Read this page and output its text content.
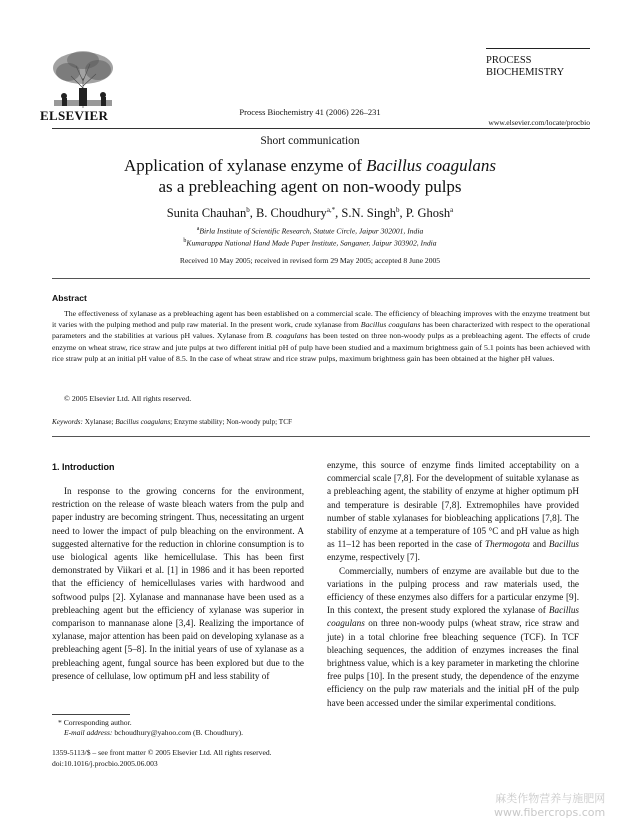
ELSEVIER	Process Biochemistry 41 (2006) 226–231
PROCESS
BIOCHEMISTRY
www.elsevier.com/locate/procbio
Short communication
Application of xylanase enzyme of Bacillus coagulans
as a prebleaching agent on non-woody pulps
Sunita Chauhan$^b$, B. Choudhury$^{a,*}$, S.N. Singh$^b$, P. Ghosh$^a$
$^a$Birla Institute of Scientific Research, Statute Circle, Jaipur 302001, India
$^b$Kumarappa National Hand Made Paper Institute, Sanganer, Jaipur 303902, India
Received 10 May 2005; received in revised form 29 May 2005; accepted 8 June 2005
Abstract
The effectiveness of xylanase as a prebleaching agent has been established on a commercial scale. The efficiency of bleaching improves with the enzyme treatment but it varies with the pulping method and pulp raw material. In the present work, crude xylanase from Bacillus coagulans has been characterized with respect to the operational parameters and the stabilities at various pH values. Xylanase from B. coagulans has been tested on three non-woody pulps as a prebleaching agent. The effects of crude enzyme on wheat straw, rice straw and jute pulps at two different initial pH of pulp have been studied and a maximum brightness gain of 5.1 points has been achieved with rice straw pulp at an initial pH value of 8.5. In the case of wheat straw and rice straw pulps, maximum brightness gain has been obtained at the higher pH values.
© 2005 Elsevier Ltd. All rights reserved.
Keywords: Xylanase; Bacillus coagulans; Enzyme stability; Non-woody pulp; TCF
1. Introduction

In response to the growing concerns for the environment, restriction on the release of waste bleach waters from the pulp and paper industry are becoming stringent. Thus, necessitating an urgent need to lower the impact of pulp bleaching on the environment. A suggested alternative for the reduction in chlorine consumption is to use biological agents like hemicellulase. This has been first demonstrated by Viikari et al. [1] in 1986 and it has been reported that the efficiency of hemicellulases varies with hardwood and softwood pulps [2]. Xylanase and mannanase have been used as a prebleaching agent but the efficiency of xylanase was superior in comparison to mannanase alone [3,4]. Realizing the importance of xylanase, major attention has been paid on developing xylanase as a prebleaching agent [5–8]. In the initial years of use of xylanase as a prebleaching agent, fungal source has been explored but due to the presence of cellulase, low optimum pH and less stability of

enzyme, this source of enzyme finds limited acceptability on a commercial scale [7,8]. For the development of suitable xylanase as a prebleaching agent, the stability of enzyme at higher optimum pH and temperature is desirable [7,8]. Extremophiles have provided number of stable xylanases for biobleaching applications [7,8]. The stability of enzyme at a temperature of 105 °C and pH value as high as 11–12 has been reported in the case of Thermogota and Bacillus enzyme, respectively [7].

Commercially, numbers of enzyme are available but due to the variations in the pulping process and raw materials used, the efficiency of these enzymes also differs for a particular enzyme [9]. In this context, the present study explored the xylanase of Bacillus coagulans on three non-woody pulps (wheat straw, rice straw and jute) in a total chlorine free bleaching sequence (TCF). In TCF bleaching sequences, the addition of enzymes increases the final brightness value, which is a key parameter in marketing the chlorine free pulps [10]. In the present study, the dependence of the enzyme efficiency on the pulp raw materials and the initial pH of the pulp have been accessed under the similar experimental conditions.

* Corresponding author.
E-mail address: bchoudhury@yahoo.com (B. Choudhury).
1359-5113/$ – see front matter © 2005 Elsevier Ltd. All rights reserved.
doi:10.1016/j.procbio.2005.06.003
麻类作物营养与施肥网
www.fibercrops.com
